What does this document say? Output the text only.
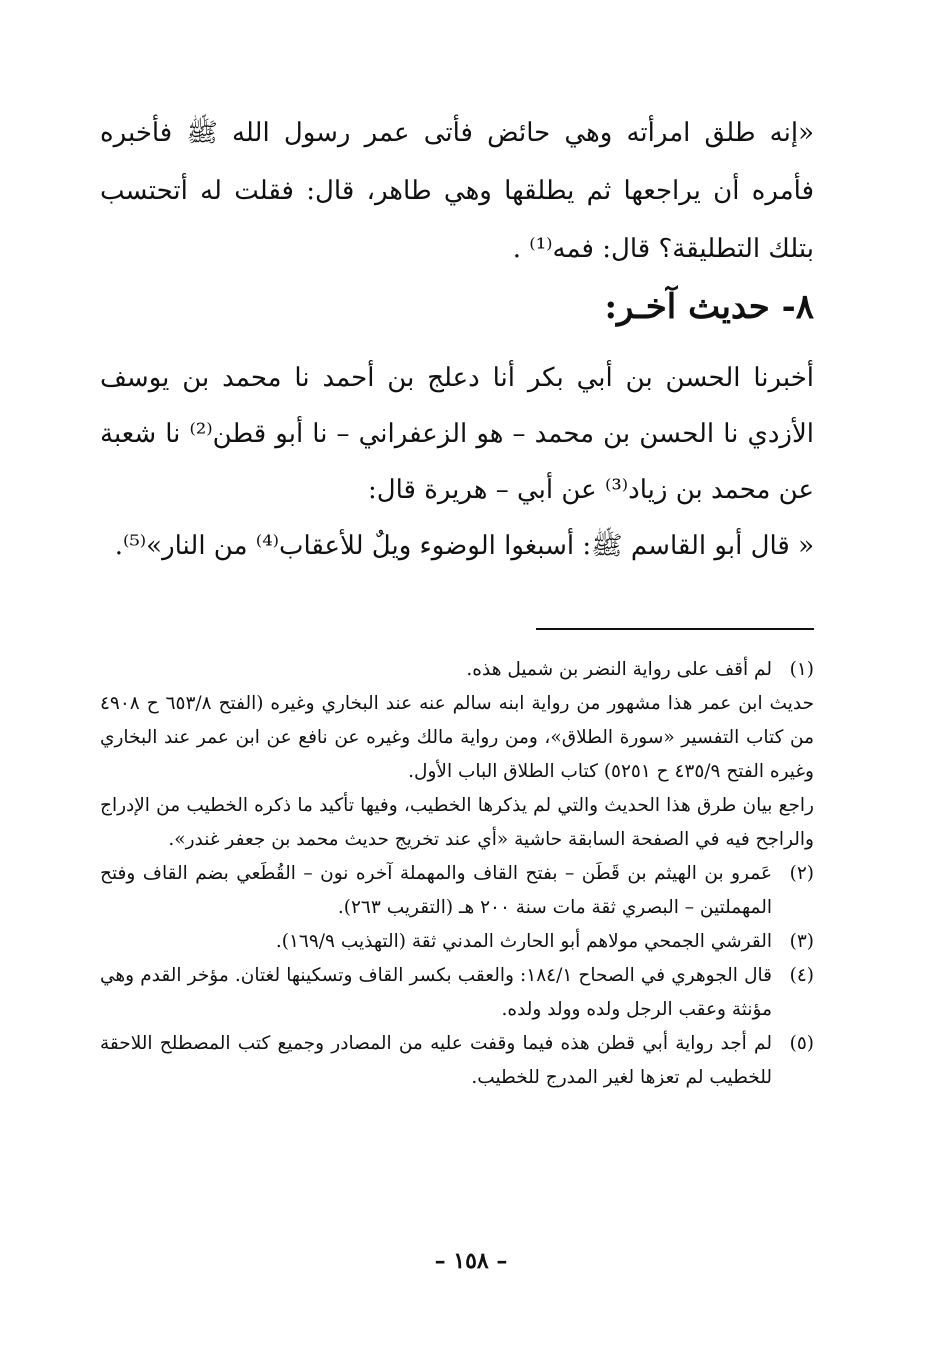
«إنه طلق امرأته وهي حائض فأتى عمر رسول الله ﷺ فأخبره فأمره أن يراجعها ثم يطلقها وهي طاهر، قال: فقلت له أتحتسب بتلك التطليقة؟ قال: فمه⁽¹⁾ .

٨- حديث آخـر:

أخبرنا الحسن بن أبي بكر أنا دعلج بن أحمد نا محمد بن يوسف الأزدي نا الحسن بن محمد – هو الزعفراني – نا أبو قطن⁽²⁾ نا شعبة عن محمد بن زياد⁽³⁾ عن أبي – هريرة قال:

« قال أبو القاسم ﷺ: أسبغوا الوضوء ويلٌ للأعقاب⁽⁴⁾ من النار»⁽⁵⁾.

(١)
لم أقف على رواية النضر بن شميل هذه.
حديث ابن عمر هذا مشهور من رواية ابنه سالم عنه عند البخاري وغيره (الفتح ٦٥٣/٨ ح ٤٩٠٨ من كتاب التفسير «سورة الطلاق»، ومن رواية مالك وغيره عن نافع عن ابن عمر عند البخاري وغيره الفتح ٤٣٥/٩ ح ٥٢٥١) كتاب الطلاق الباب الأول.
راجع بيان طرق هذا الحديث والتي لم يذكرها الخطيب، وفيها تأكيد ما ذكره الخطيب من الإدراج والراجح فيه في الصفحة السابقة حاشية «أي عند تخريج حديث محمد بن جعفر غندر».
(٢)
عَمرو بن الهيثم بن قَطَن – بفتح القاف والمهملة آخره نون – القُطَعي بضم القاف وفتح المهملتين – البصري ثقة مات سنة ٢٠٠ هـ (التقريب ٢٦٣).
(٣)
القرشي الجمحي مولاهم أبو الحارث المدني ثقة (التهذيب ١٦٩/٩).
(٤)
قال الجوهري في الصحاح ١٨٤/١: والعقب بكسر القاف وتسكينها لغتان. مؤخر القدم وهي مؤنثة وعقب الرجل ولده وولد ولده.
(٥)
لم أجد رواية أبي قطن هذه فيما وقفت عليه من المصادر وجميع كتب المصطلح اللاحقة للخطيب لم تعزها لغير المدرج للخطيب.
– ١٥٨ –
